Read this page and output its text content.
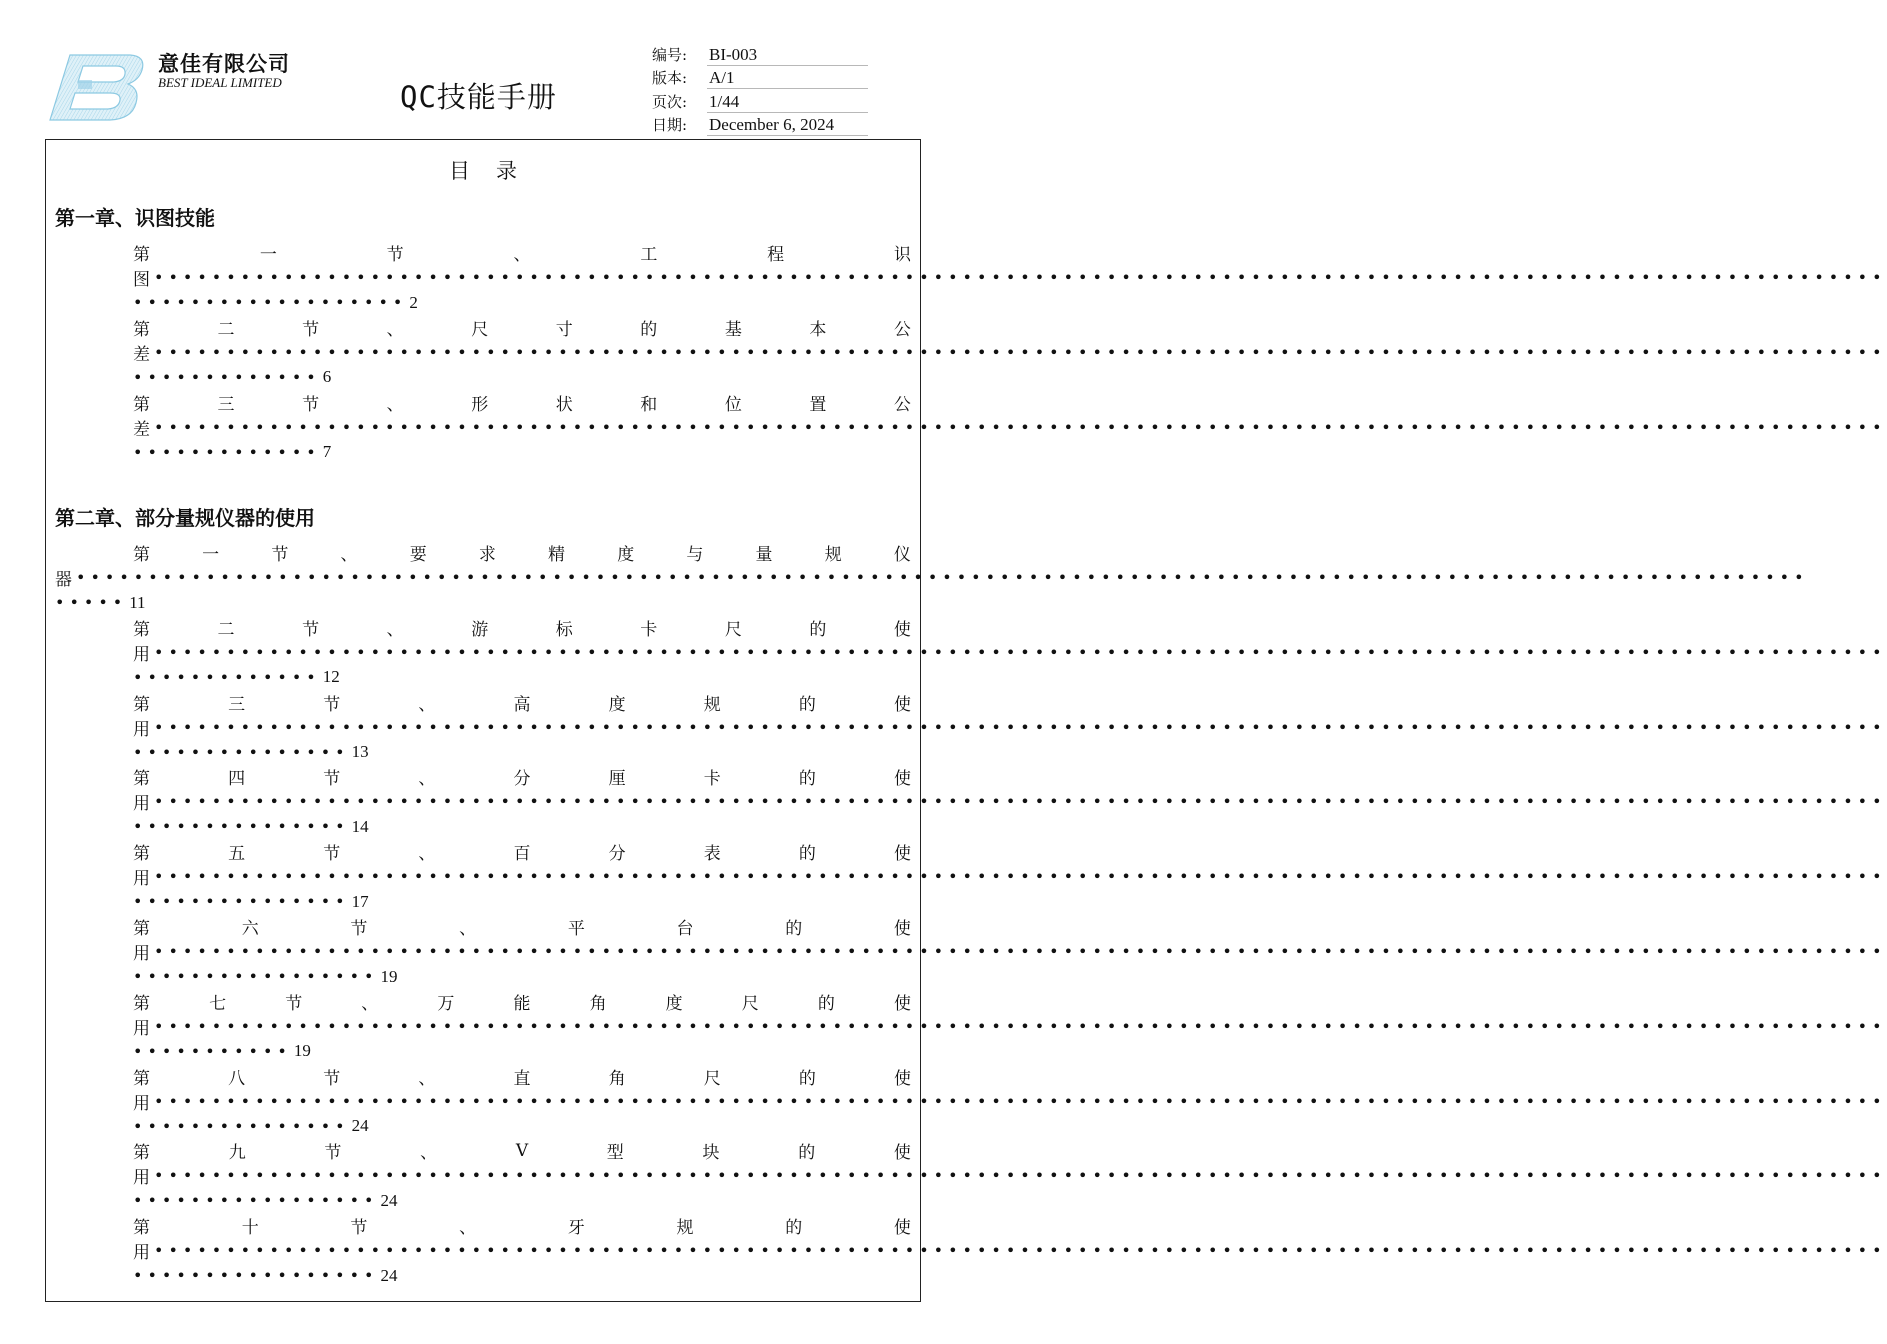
意佳有限公司
BEST IDEAL LIMITED	QC技能手册
编号:	BI-003
版本:	A/1
页次:	1/44
日期:	December 6, 2024
目录
第一章、识图技能
第	一	节	、	工	程	识
图 ••••••••••••••••••••••••••••••••••••••••••••••••••••••••••••••••••••••••••••••••••••••••••••••••••••••••••••••••••••••••
••••••••••••••••••• 2
第	二	节	、	尺	寸	的	基	本	公
差 ••••••••••••••••••••••••••••••••••••••••••••••••••••••••••••••••••••••••••••••••••••••••••••••••••••••••••••••••••••••••
••••••••••••• 6
第	三	节	、	形	状	和	位	置	公
差 ••••••••••••••••••••••••••••••••••••••••••••••••••••••••••••••••••••••••••••••••••••••••••••••••••••••••••••••••••••••••
••••••••••••• 7
第二章、部分量规仪器的使用
第	一	节	、	要	求	精	度	与	量	规	仪
器 ••••••••••••••••••••••••••••••••••••••••••••••••••••••••••••••••••••••••••••••••••••••••••••••••••••••••••••••••••••••••
••••• 11
第	二	节	、	游	标	卡	尺	的	使
用 ••••••••••••••••••••••••••••••••••••••••••••••••••••••••••••••••••••••••••••••••••••••••••••••••••••••••••••••••••••••••
••••••••••••• 12
第	三	节	、	高	度	规	的	使
用 ••••••••••••••••••••••••••••••••••••••••••••••••••••••••••••••••••••••••••••••••••••••••••••••••••••••••••••••••••••••••
••••••••••••••• 13
第	四	节	、	分	厘	卡	的	使
用 ••••••••••••••••••••••••••••••••••••••••••••••••••••••••••••••••••••••••••••••••••••••••••••••••••••••••••••••••••••••••
••••••••••••••• 14
第	五	节	、	百	分	表	的	使
用 ••••••••••••••••••••••••••••••••••••••••••••••••••••••••••••••••••••••••••••••••••••••••••••••••••••••••••••••••••••••••
••••••••••••••• 17
第	六	节	、	平	台	的	使
用 ••••••••••••••••••••••••••••••••••••••••••••••••••••••••••••••••••••••••••••••••••••••••••••••••••••••••••••••••••••••••
••••••••••••••••• 19
第	七	节	、	万	能	角	度	尺	的	使
用 ••••••••••••••••••••••••••••••••••••••••••••••••••••••••••••••••••••••••••••••••••••••••••••••••••••••••••••••••••••••••
••••••••••• 19
第	八	节	、	直	角	尺	的	使
用 ••••••••••••••••••••••••••••••••••••••••••••••••••••••••••••••••••••••••••••••••••••••••••••••••••••••••••••••••••••••••
••••••••••••••• 24
第	九	节	、	V	型	块	的	使
用 ••••••••••••••••••••••••••••••••••••••••••••••••••••••••••••••••••••••••••••••••••••••••••••••••••••••••••••••••••••••••
••••••••••••••••• 24
第	十	节	、	牙	规	的	使
用 ••••••••••••••••••••••••••••••••••••••••••••••••••••••••••••••••••••••••••••••••••••••••••••••••••••••••••••••••••••••••
••••••••••••••••• 24
